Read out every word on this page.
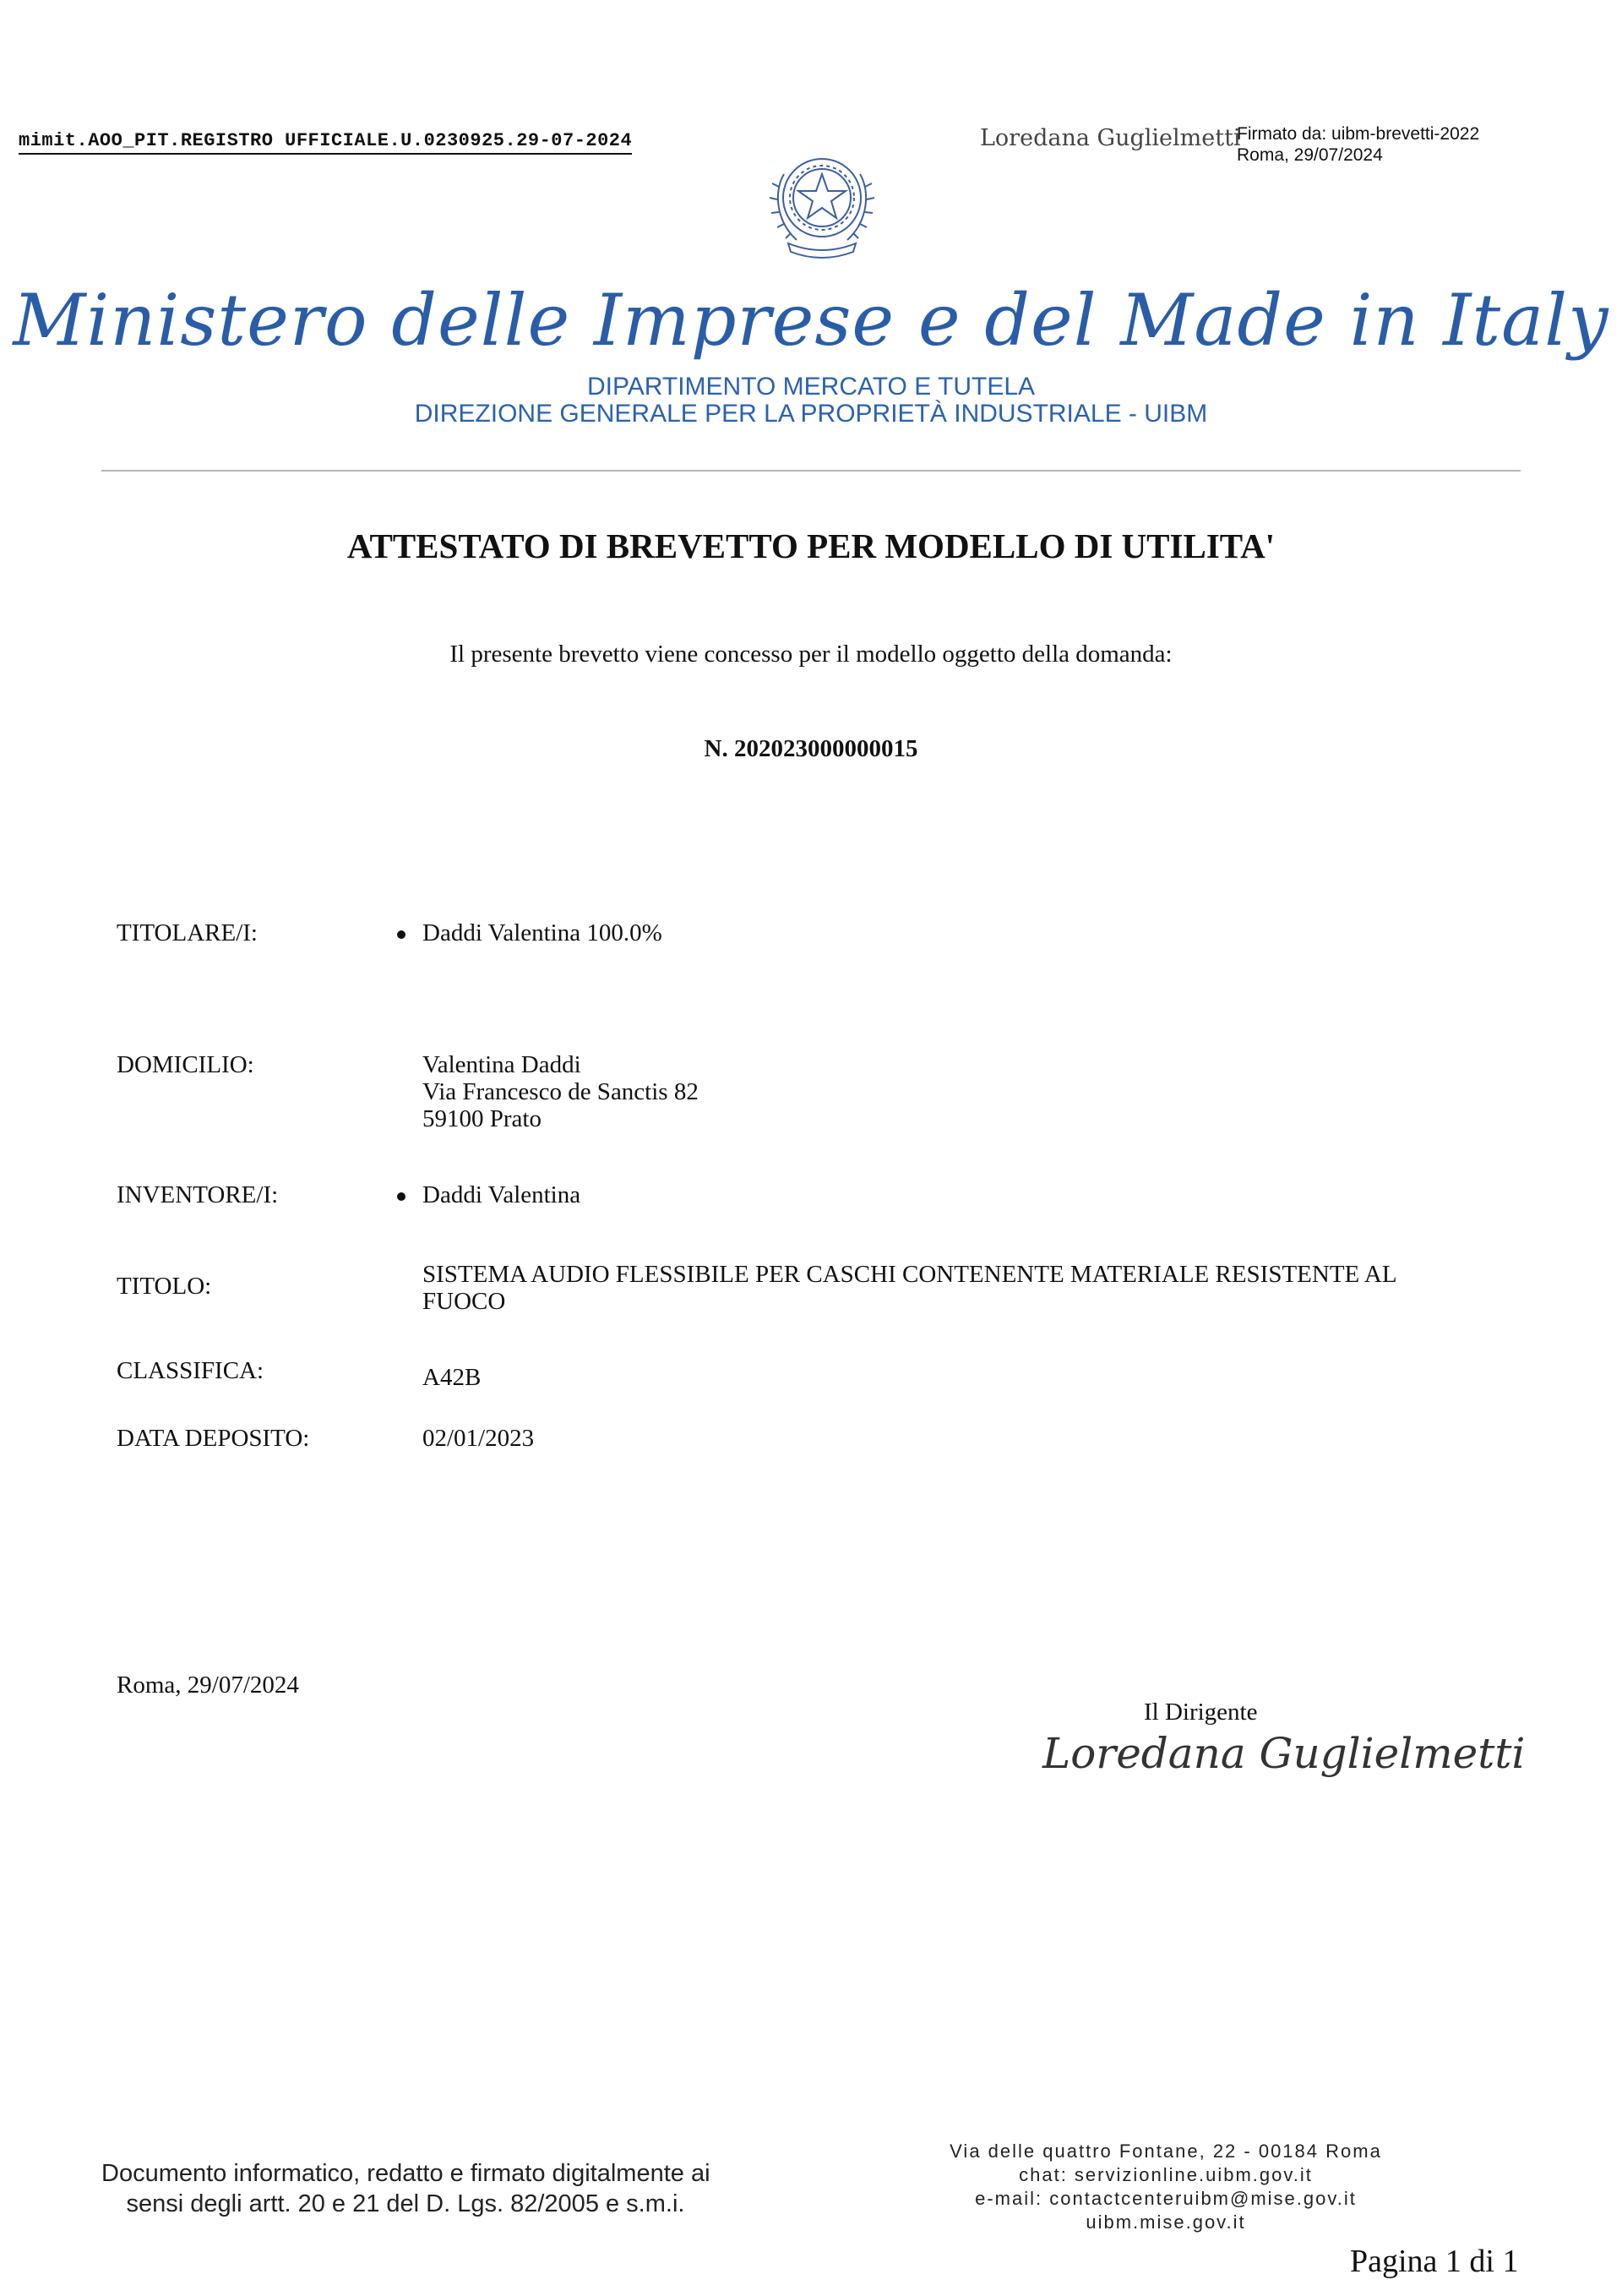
mimit.AOO_PIT.REGISTRO UFFICIALE.U.0230925.29-07-2024	Loredana Guglielmetti
Firmato da: uibm-brevetti-2022
Roma, 29/07/2024
Ministero delle Imprese e del Made in Italy
DIPARTIMENTO MERCATO E TUTELA
DIREZIONE GENERALE PER LA PROPRIETÀ INDUSTRIALE - UIBM
ATTESTATO DI BREVETTO PER MODELLO DI UTILITA'
Il presente brevetto viene concesso per il modello oggetto della domanda:
N. 202023000000015
TITOLARE/I:	Daddi Valentina 100.0%
DOMICILIO:	Valentina Daddi
Via Francesco de Sanctis 82
59100 Prato
INVENTORE/I:	Daddi Valentina
TITOLO:	SISTEMA AUDIO FLESSIBILE PER CASCHI CONTENENTE MATERIALE RESISTENTE AL
FUOCO
CLASSIFICA:	A42B
DATA DEPOSITO:	02/01/2023
Roma, 29/07/2024
Il Dirigente
Loredana Guglielmetti
Documento informatico, redatto e firmato digitalmente ai
sensi degli artt. 20 e 21 del D. Lgs. 82/2005 e s.m.i.
Via delle quattro Fontane, 22 - 00184 Roma
chat: servizionline.uibm.gov.it
e-mail: contactcenteruibm@mise.gov.it
uibm.mise.gov.it
Pagina 1 di 1
